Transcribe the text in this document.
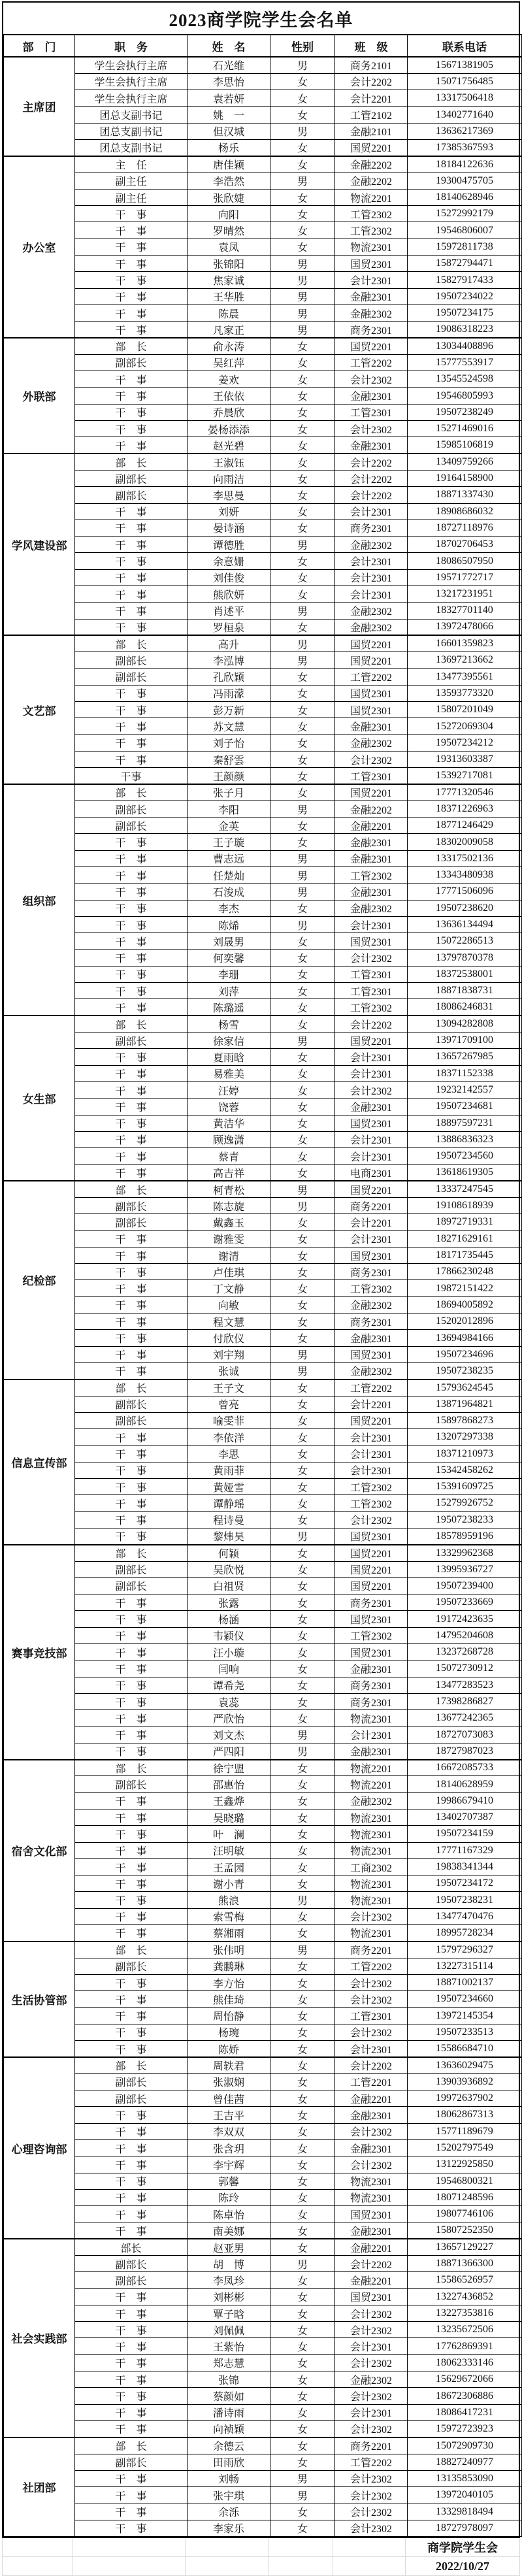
2023商学院学生会名单
部　门	职　务	姓　名	性别	班　级	联系电话
主席团	学生会执行主席	石光维	男	商务2101	15671381905
	学生会执行主席	李思怡	女	会计2202	15071756485
	学生会执行主席	袁若妍	女	会计2201	13317506418
	团总支副书记	姚　一	女	工管2102	13402771640
	团总支副书记	但汉城	男	金融2101	13636217369
	团总支副书记	杨乐	女	国贸2201	17385367593
办公室	主　任	唐佳颖	女	金融2202	18184122636
	副主任	李浩然	男	金融2202	19300475705
	副主任	张欣婕	女	物流2201	18140628946
	干　事	向阳	女	工管2302	15272992179
	干　事	罗晴然	女	工管2302	19546806007
	干　事	袁凤	女	物流2301	15972811738
	干　事	张锦阳	男	国贸2301	15872794471
	干　事	焦家诚	男	会计2301	15827917433
	干　事	王华胜	男	金融2301	19507234022
	干　事	陈晨	男	金融2302	19507234175
	干　事	凡家正	男	商务2301	19086318223
外联部	部　长	俞永涛	女	国贸2201	13034408896
	副部长	吴红萍	女	工管2202	15777553917
	干　事	姜欢	女	会计2302	13545524598
	干　事	王依依	女	金融2301	19546805993
	干　事	乔晨欣	女	工管2301	19507238249
	干　事	晏杨添添	女	会计2302	15271469016
	干　事	赵光碧	女	金融2301	15985106819
学风建设部	部　长	王淑钰	女	会计2202	13409759266
	副部长	向雨洁	女	会计2202	19164158900
	副部长	李思曼	女	会计2202	18871337430
	干　事	刘妍	女	会计2301	18908686032
	干　事	晏诗涵	女	商务2301	18727118976
	干　事	谭德胜	男	金融2302	18702706453
	干　事	余意姗	女	会计2301	18086507950
	干　事	刘佳俊	女	会计2301	19571772717
	干　事	熊欣妍	女	会计2301	13217231951
	干　事	肖述平	男	金融2302	18327701140
	干　事	罗桓泉	女	金融2302	13972478066
文艺部	部　长	高升	男	国贸2201	16601359823
	副部长	李泓博	男	国贸2201	13697213662
	副部长	孔欣颖	女	工管2202	13477395561
	干　事	冯雨濛	女	国贸2301	13593773320
	干　事	彭万新	女	国贸2301	15807201049
	干　事	苏文慧	女	金融2301	15272069304
	干　事	刘子怡	女	金融2302	19507234212
	干　事	秦舒雲	女	会计2302	19313603387
	干事	王颜颜	女	工管2301	15392717081
组织部	部　长	张子月	女	国贸2201	17771320546
	副部长	李阳	男	金融2202	18371226963
	副部长	金英	女	金融2201	18771246429
	干　事	王子璇	女	金融2301	18302009058
	干　事	曹志远	男	金融2301	13317502136
	干　事	任楚灿	男	工管2302	13343480938
	干　事	石浚成	男	金融2301	17771506096
	干　事	李杰	女	金融2302	19507238620
	干　事	陈烯	男	会计2301	13636134494
	干　事	刘晟男	女	国贸2301	15072286513
	干　事	何奕馨	女	会计2302	13797870378
	干　事	李珊	女	工管2301	18372538001
	干　事	刘萍	女	工管2301	18871838731
	干　事	陈璐遥	女	工管2302	18086246831
女生部	部　长	杨雪	女	会计2202	13094282808
	副部长	徐家信	男	国贸2201	13971709100
	干　事	夏雨晗	女	会计2301	13657267985
	干　事	易雅美	女	会计2301	18371152338
	干　事	汪婷	女	会计2302	19232142557
	干　事	饶蓉	女	金融2301	19507234681
	干　事	黄洁华	女	国贸2301	18897597231
	干　事	顾逸潇	女	会计2301	13886836323
	干　事	蔡青	女	会计2301	19507234560
	干　事	高吉祥	女	电商2301	13618619305
纪检部	部　长	柯青松	男	国贸2201	13337247545
	副部长	陈志旋	男	商务2201	19108618939
	副部长	戴鑫玉	女	会计2201	18972719331
	干　事	谢雅雯	女	会计2301	18271629161
	干　事	谢清	女	国贸2301	18171735445
	干　事	卢佳琪	女	商务2301	17866230248
	干　事	丁文静	女	工管2302	19872151422
	干　事	向敏	女	金融2302	18694005892
	干　事	程文慧	女	商务2301	15202012896
	干　事	付欣仪	女	金融2301	13694984166
	干　事	刘宇翔	男	国贸2301	19507234696
	干　事	张诚	男	金融2302	19507238235
信息宣传部	部　长	王子文	女	工管2202	15793624545
	副部长	曾亮	女	会计2201	13871964821
	副部长	喻雯菲	女	国贸2201	15897868273
	干　事	李依洋	女	会计2301	13207297338
	干　事	李思	女	会计2301	18371210973
	干　事	黄雨菲	女	会计2301	15342458262
	干　事	黄娅雪	女	工管2302	15391609725
	干　事	谭静瑶	女	工管2302	15279926752
	干　事	程诗曼	女	会计2302	19507238233
	干　事	黎炜昊	男	国贸2301	18578959196
赛事竞技部	部　长	何颖	女	国贸2201	13329962368
	副部长	吴欣悦	女	国贸2201	13995936727
	副部长	白祖贤	女	国贸2201	19507239400
	干　事	张露	女	商务2301	19507233669
	干　事	杨涵	女	国贸2301	19172423635
	干　事	韦颖仪	女	工管2302	14795204608
	干　事	汪小璇	女	国贸2301	13237268728
	干　事	闫响	女	金融2301	15072730912
	干　事	谭希尧	女	商务2301	13477283523
	干　事	袁蕊	女	商务2301	17398286827
	干　事	严欣怡	女	物流2301	13677242365
	干　事	刘文杰	男	会计2301	18727073083
	干　事	严四阳	男	金融2301	18727987023
宿舍文化部	部　长	徐宁盟	女	物流2201	16672085733
	副部长	邵惠怡	女	物流2201	18140628959
	干　事	王鑫烨	女	金融2302	19986679410
	干　事	吴晓璐	女	物流2301	13402707387
	干　事	叶　澜	女	物流2301	19507234159
	干　事	汪明敏	女	物流2301	17771167329
	干　事	王孟园	女	工商2302	19838341344
	干　事	谢小青	女	物流2301	19507234172
	干　事	熊浪	男	物流2301	19507238231
	干　事	索雪梅	女	会计2302	13477470476
	干　事	蔡湘雨	女	物流2301	18995728234
生活协管部	部　长	张伟明	男	商务2201	15797296327
	副部长	龚鹏琳	女	工管2202	13227315114
	干　事	李方怡	女	会计2302	18871002137
	干　事	熊佳琦	女	会计2302	19507234660
	干　事	周怡静	女	工管2301	13972145354
	干　事	杨琬	女	会计2302	19507233513
	干　事	陈娇	女	会计2301	15586684710
心理咨询部	部　长	周轶君	女	会计2202	13636029475
	副部长	张淑娴	女	工管2201	13903936892
	副部长	曾佳茜	女	金融2201	19972637902
	干　事	王吉平	女	金融2301	18062867313
	干　事	李双双	女	会计2302	15771189679
	干　事	张含玥	女	金融2301	15202797549
	干　事	李宇辉	女	会计2302	13122925850
	干　事	郭馨	女	物流2301	19546800321
	干　事	陈玲	女	物流2301	18071248596
	干　事	陈卓怡	女	国贸2301	19807746106
	干　事	南美娜	女	金融2301	15807252350
社会实践部	部长	赵亚男	女	金融2201	13657129227
	副部长	胡　博	男	会计2202	18871366300
	副部长	李凤珍	女	金融2201	15586526957
	干　事	刘彬彬	女	国贸2301	13227436852
	干　事	覃子晗	女	会计2302	13227353816
	干　事	刘佩佩	女	会计2302	13235672506
	干　事	王紫怡	女	会计2301	17762869391
	干　事	郑志慧	女	会计2302	18062333146
	干　事	张锦	女	金融2302	15629672066
	干　事	蔡颜如	女	会计2302	18672306886
	干　事	潘诗雨	女	会计2301	18086417231
	干　事	向祯颖	女	会计2302	15972723923
社团部	部　长	余德云	女	商务2201	15072909730
	副部长	田雨欣	女	工管2202	18827240977
	干　事	刘畅	男	会计2302	13135853090
	干　事	张宇琪	男	会计2302	13972040105
	干　事	余泺	女	会计2302	13329818494
	干　事	李家乐	女	会计2302	18727978097
商学院学生会
2022/10/27
